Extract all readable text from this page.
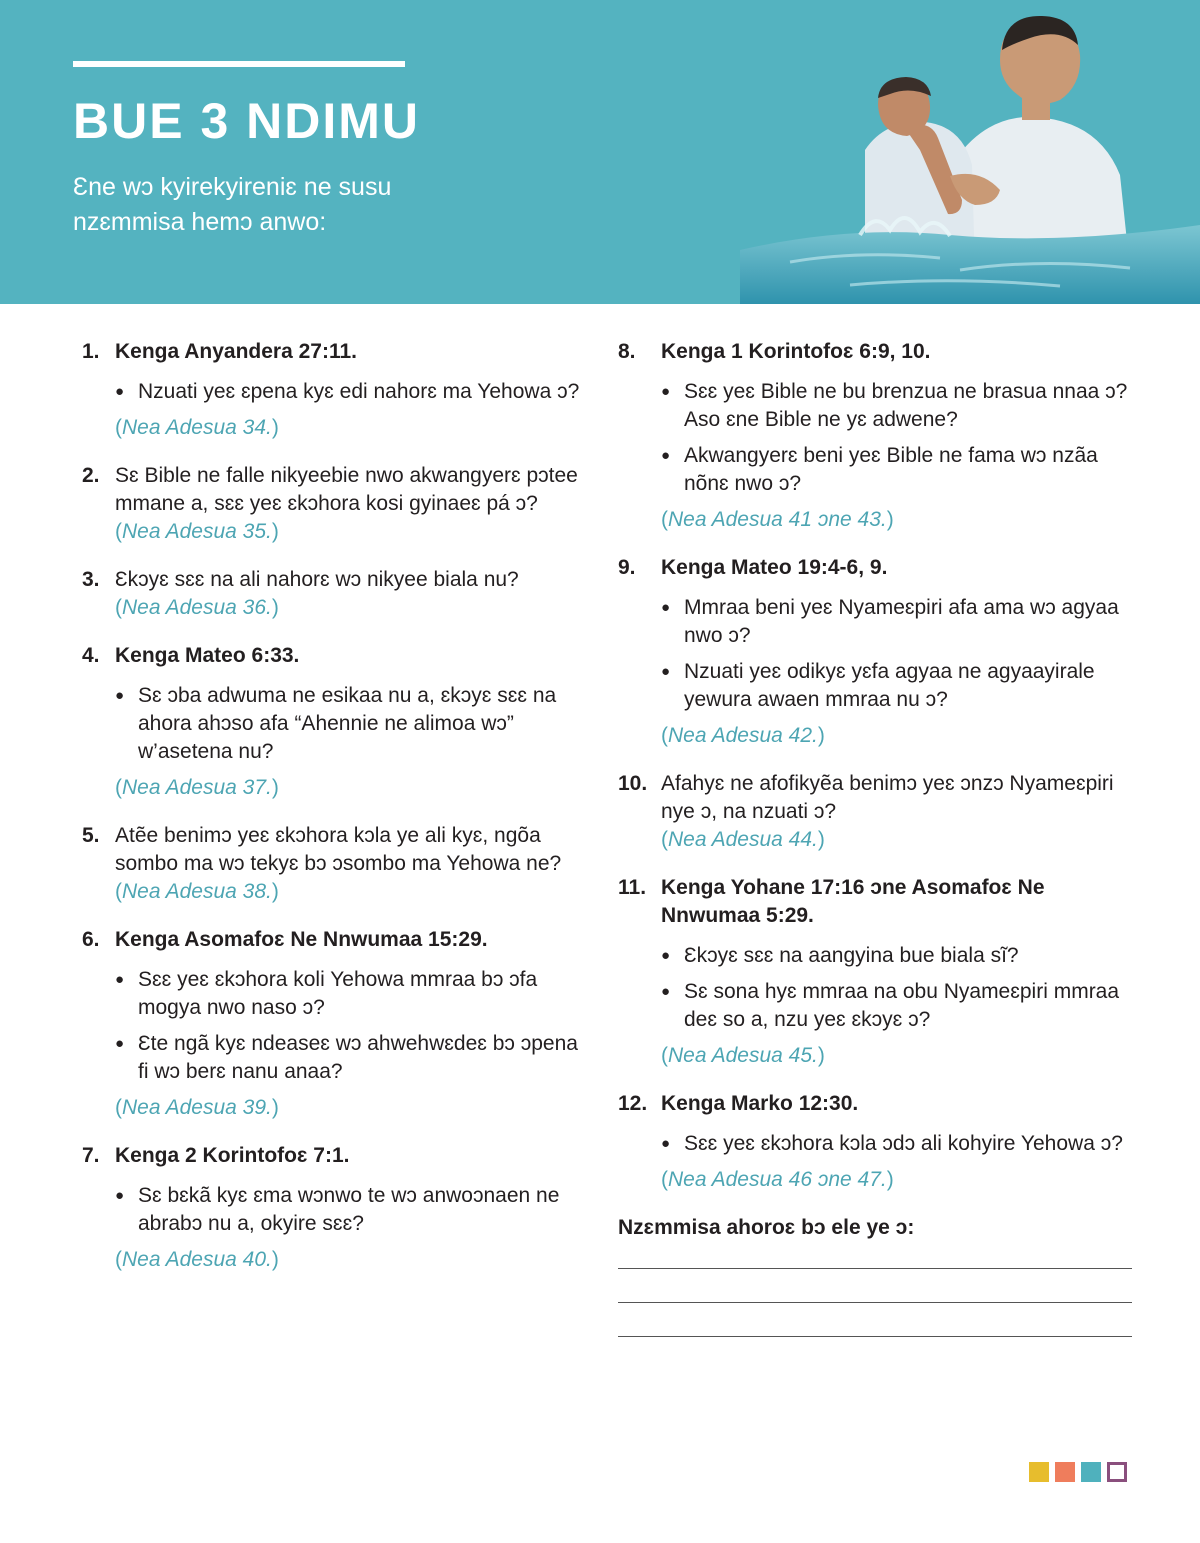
BUE 3 NDIMU

Ɛne wɔ kyirekyireniɛ ne susu nzɛmmisa hemɔ anwo:

1. Kenga Anyandera 27:11.
● Nzuati yeɛ ɛpena kyɛ edi nahorɛ ma Yehowa ɔ?
(Nea Adesua 34.)
2. Sɛ Bible ne falle nikyeebie nwo akwangyerɛ pɔtee mmane a, sɛɛ yeɛ ɛkɔhora kosi gyinaeɛ pá ɔ?
(Nea Adesua 35.)
3. Ɛkɔyɛ sɛɛ na ali nahorɛ wɔ nikyee biala nu?
(Nea Adesua 36.)
4. Kenga Mateo 6:33.
● Sɛ ɔba adwuma ne esikaa nu a, ɛkɔyɛ sɛɛ na ahora ahɔso afa “Ahennie ne alimoa wɔ” w’asetena nu?
(Nea Adesua 37.)
5. Atẽe benimɔ yeɛ ɛkɔhora kɔla ye ali kyɛ, ngõa sombo ma wɔ tekyɛ bɔ ɔsombo ma Yehowa ne?
(Nea Adesua 38.)
6. Kenga Asomafoɛ Ne Nnwumaa 15:29.
● Sɛɛ yeɛ ɛkɔhora koli Yehowa mmraa bɔ ɔfa mogya nwo naso ɔ?
● Ɛte ngã kyɛ ndeaseɛ wɔ ahwehwɛdeɛ bɔ ɔpena fi wɔ berɛ nanu anaa?
(Nea Adesua 39.)
7. Kenga 2 Korintofoɛ 7:1.
● Sɛ bɛkã kyɛ ɛma wɔnwo te wɔ anwoɔnaen ne abrabɔ nu a, okyire sɛɛ?
(Nea Adesua 40.)
8.	Kenga 1 Korintofoɛ 6:9, 10.
● Sɛɛ yeɛ Bible ne bu brenzua ne brasua nnaa ɔ? Aso ɛne Bible ne yɛ adwene?
● Akwangyerɛ beni yeɛ Bible ne fama wɔ nzãa nõnɛ nwo ɔ?
(Nea Adesua 41 ɔne 43.)
9.	Kenga Mateo 19:4-6, 9.
● Mmraa beni yeɛ Nyameɛpiri afa ama wɔ agyaa nwo ɔ?
● Nzuati yeɛ odikyɛ yɛfa agyaa ne agyaayirale yewura awaen mmraa nu ɔ?
(Nea Adesua 42.)
10. Afahyɛ ne afofikyẽa benimɔ yeɛ ɔnzɔ Nyameɛpiri nye ɔ, na nzuati ɔ?
(Nea Adesua 44.)
11. Kenga Yohane 17:16 ɔne Asomafoɛ Ne Nnwumaa 5:29.
● Ɛkɔyɛ sɛɛ na aangyina bue biala sĩ?
● Sɛ sona hyɛ mmraa na obu Nyameɛpiri mmraa deɛ so a, nzu yeɛ ɛkɔyɛ ɔ?
(Nea Adesua 45.)
12. Kenga Marko 12:30.
● Sɛɛ yeɛ ɛkɔhora kɔla ɔdɔ ali kohyire Yehowa ɔ?
(Nea Adesua 46 ɔne 47.)

Nzɛmmisa ahoroɛ bɔ ele ye ɔ:
